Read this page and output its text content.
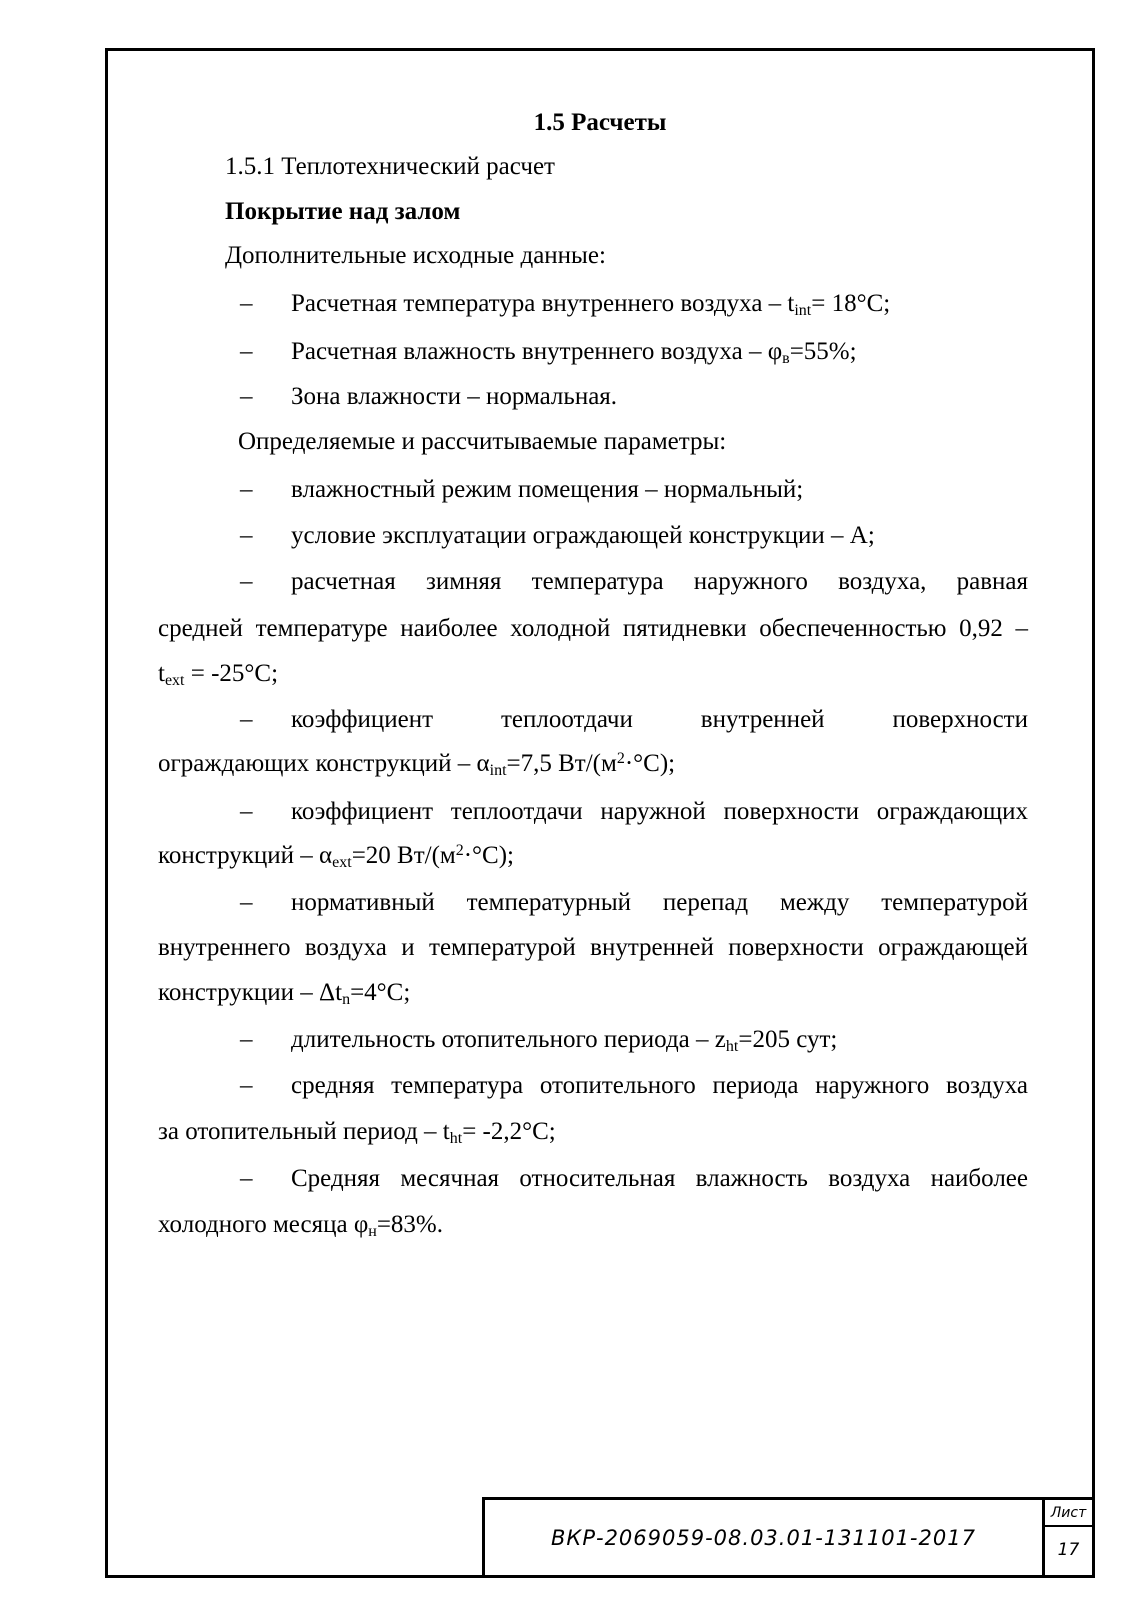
1.5 Расчеты
1.5.1 Теплотехнический расчет
Покрытие над залом
Дополнительные исходные данные:
– Расчетная температура внутреннего воздуха – $t_{int}= 18^\circ С$;
– Расчетная влажность внутреннего воздуха – $\varphi_в=55\%$;
– Зона влажности – нормальная.
Определяемые и рассчитываемые параметры:
– влажностный режим помещения – нормальный;
– условие эксплуатации ограждающей конструкции – А;
– расчетная зимняя температура наружного воздуха, равная
средней температуре наиболее холодной пятидневки обеспеченностью 0,92 –
$t_{ext} = -25^\circ С$;
– коэффициент теплоотдачи внутренней поверхности
ограждающих конструкций – $\alpha_{int}=7,5$ $Вт/(м^2\cdot^\circ С)$;
– коэффициент теплоотдачи наружной поверхности ограждающих
конструкций – $\alpha_{ext}=20$ $Вт/(м^2\cdot^\circ С)$;
– нормативный температурный перепад между температурой
внутреннего воздуха и температурой внутренней поверхности ограждающей
конструкции – $\Delta t_n=4^\circ С$;
– длительность отопительного периода – $z_{ht}=205$ сут;
– средняя температура отопительного периода наружного воздуха
за отопительный период – $t_{ht}= -2,2^\circ С$;
– Средняя месячная относительная влажность воздуха наиболее
холодного месяца $\varphi_н=83\%$.
ВКР-2069059-08.03.01-131101-2017
Лист
17
